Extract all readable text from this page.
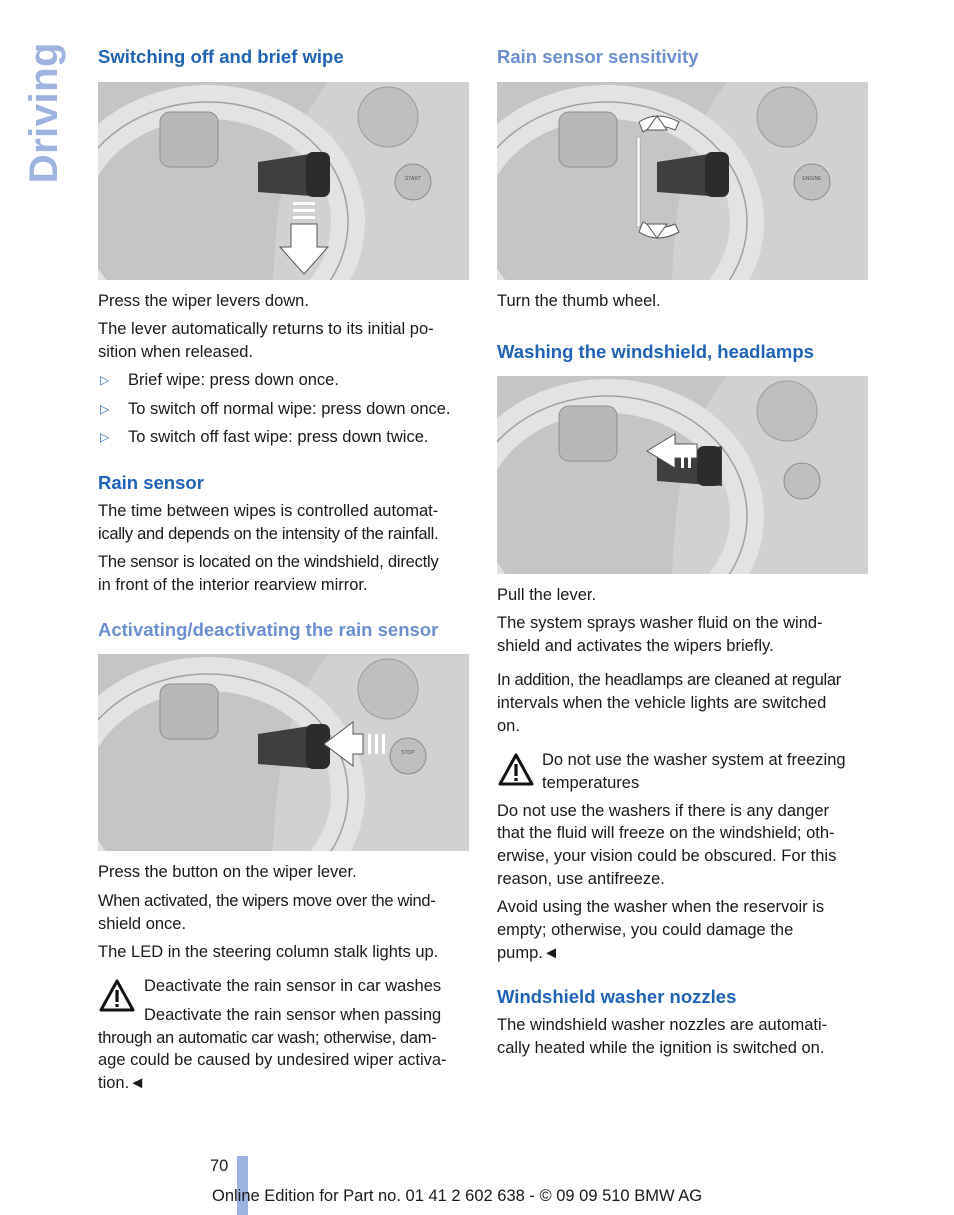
Driving Switching off and brief wipe
START

Press the wiper levers down.

The lever automatically returns to its initial po-

sition when released.

▷ Brief wipe: press down once.
▷ To switch off normal wipe: press down once.
▷ To switch off fast wipe: press down twice.
Rain sensor

The time between wipes is controlled automat-

ically and depends on the intensity of the rainfall.

The sensor is located on the windshield, directly

in front of the interior rearview mirror.

Activating/deactivating the rain sensor
STOP

Press the button on the wiper lever.

When activated, the wipers move over the wind-

shield once.

The LED in the steering column stalk lights up.

Deactivate the rain sensor in car washes

Deactivate the rain sensor when passing

through an automatic car wash; otherwise, dam-

age could be caused by undesired wiper activa-

tion.◄

Rain sensor sensitivity
ENGINE

Turn the thumb wheel.

Washing the windshield, headlamps

Pull the lever.

The system sprays washer fluid on the wind-

shield and activates the wipers briefly.

In addition, the headlamps are cleaned at regular

intervals when the vehicle lights are switched

on.

Do not use the washer system at freezing

temperatures

Do not use the washers if there is any danger

that the fluid will freeze on the windshield; oth-

erwise, your vision could be obscured. For this

reason, use antifreeze.

Avoid using the washer when the reservoir is

empty; otherwise, you could damage the

pump.◄

Windshield washer nozzles

The windshield washer nozzles are automati-

cally heated while the ignition is switched on.

70
Online Edition for Part no. 01 41 2 602 638 - © 09 09 510 BMW AG
